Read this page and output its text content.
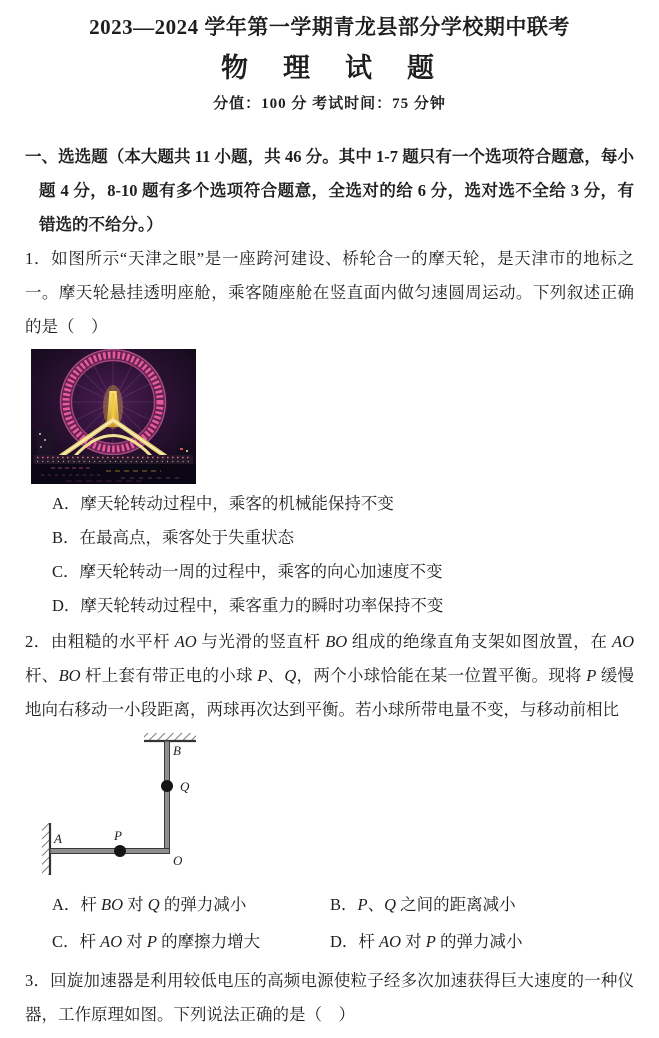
2023—2024 学年第一学期青龙县部分学校期中联考
物　理　试　题
分值：100 分 考试时间：75 分钟

一、选选题（本大题共 11 小题，共 46 分。其中 1-7 题只有一个选项符合题意，每小题 4 分，8-10 题有多个选项符合题意，全选对的给 6 分，选对选不全给 3 分，有错选的不给分。）

1．如图所示“天津之眼”是一座跨河建设、桥轮合一的摩天轮，是天津市的地标之一。摩天轮悬挂透明座舱，乘客随座舱在竖直面内做匀速圆周运动。下列叙述正确的是（　）

A．摩天轮转动过程中，乘客的机械能保持不变
B．在最高点，乘客处于失重状态
C．摩天轮转动一周的过程中，乘客的向心加速度不变
D．摩天轮转动过程中，乘客重力的瞬时功率保持不变

2．由粗糙的水平杆 AO 与光滑的竖直杆 BO 组成的绝缘直角支架如图放置，在 AO 杆、BO 杆上套有带正电的小球 P、Q，两个小球恰能在某一位置平衡。现将 P 缓慢地向右移动一小段距离，两球再次达到平衡。若小球所带电量不变，与移动前相比

B
Q
A	P
O
A．杆 BO 对 Q 的弹力减小	B．P、Q 之间的距离减小
C．杆 AO 对 P 的摩擦力增大	D．杆 AO 对 P 的弹力减小

3．回旋加速器是利用较低电压的高频电源使粒子经多次加速获得巨大速度的一种仪器，工作原理如图。下列说法正确的是（　）
